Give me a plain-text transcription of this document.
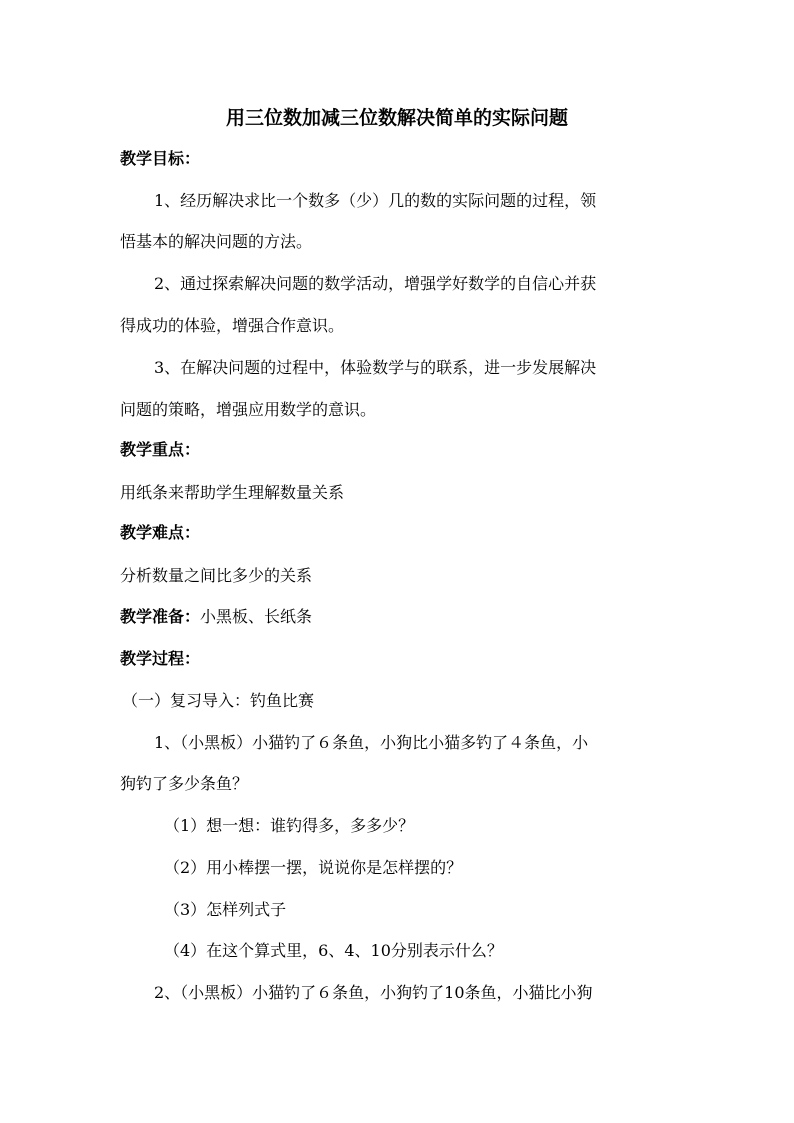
用三位数加减三位数解决简单的实际问题
教学目标：
1、经历解决求比一个数多（少）几的数的实际问题的过程，领
悟基本的解决问题的方法。
2、通过探索解决问题的数学活动，增强学好数学的自信心并获
得成功的体验，增强合作意识。
3、在解决问题的过程中，体验数学与的联系，进一步发展解决
问题的策略，增强应用数学的意识。
教学重点：
用纸条来帮助学生理解数量关系
教学难点：
分析数量之间比多少的关系
教学准备：小黑板、长纸条
教学过程：
（一）复习导入：钓鱼比赛
1、（小黑板）小猫钓了６条鱼，小狗比小猫多钓了４条鱼，小
狗钓了多少条鱼？
（1）想一想：谁钓得多，多多少？
（2）用小棒摆一摆，说说你是怎样摆的？
（3）怎样列式子
（4）在这个算式里，6、4、10分别表示什么？
2、（小黑板）小猫钓了６条鱼，小狗钓了10条鱼，小猫比小狗
